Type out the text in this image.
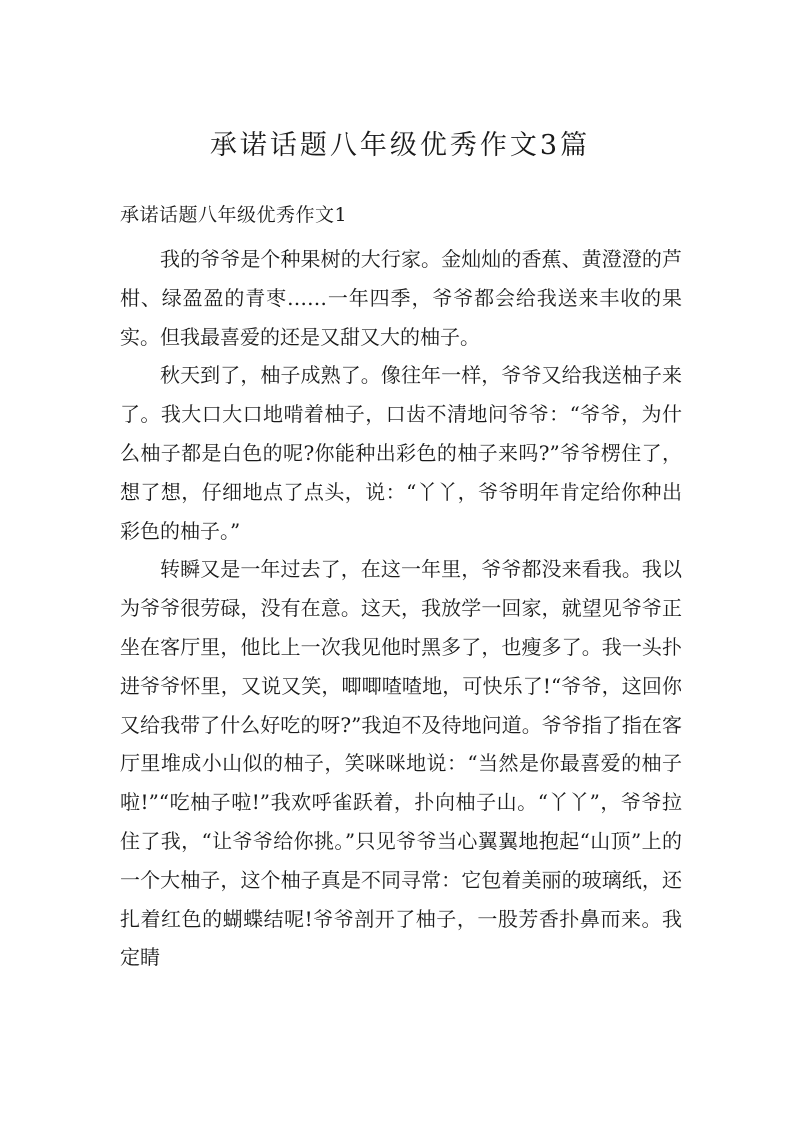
承诺话题八年级优秀作文3篇
承诺话题八年级优秀作文1

我的爷爷是个种果树的大行家。金灿灿的香蕉、黄澄澄的芦柑、绿盈盈的青枣……一年四季，爷爷都会给我送来丰收的果实。但我最喜爱的还是又甜又大的柚子。

秋天到了，柚子成熟了。像往年一样，爷爷又给我送柚子来了。我大口大口地啃着柚子，口齿不清地问爷爷：“爷爷，为什么柚子都是白色的呢?你能种出彩色的柚子来吗?”爷爷楞住了，想了想，仔细地点了点头，说：“丫丫，爷爷明年肯定给你种出彩色的柚子。”

转瞬又是一年过去了，在这一年里，爷爷都没来看我。我以为爷爷很劳碌，没有在意。这天，我放学一回家，就望见爷爷正坐在客厅里，他比上一次我见他时黑多了，也瘦多了。我一头扑进爷爷怀里，又说又笑，唧唧喳喳地，可快乐了!“爷爷，这回你又给我带了什么好吃的呀?”我迫不及待地问道。爷爷指了指在客厅里堆成小山似的柚子，笑咪咪地说：“当然是你最喜爱的柚子啦!”“吃柚子啦!”我欢呼雀跃着，扑向柚子山。“丫丫”，爷爷拉住了我，“让爷爷给你挑。”只见爷爷当心翼翼地抱起“山顶”上的一个大柚子，这个柚子真是不同寻常：它包着美丽的玻璃纸，还扎着红色的蝴蝶结呢!爷爷剖开了柚子，一股芳香扑鼻而来。我定睛
